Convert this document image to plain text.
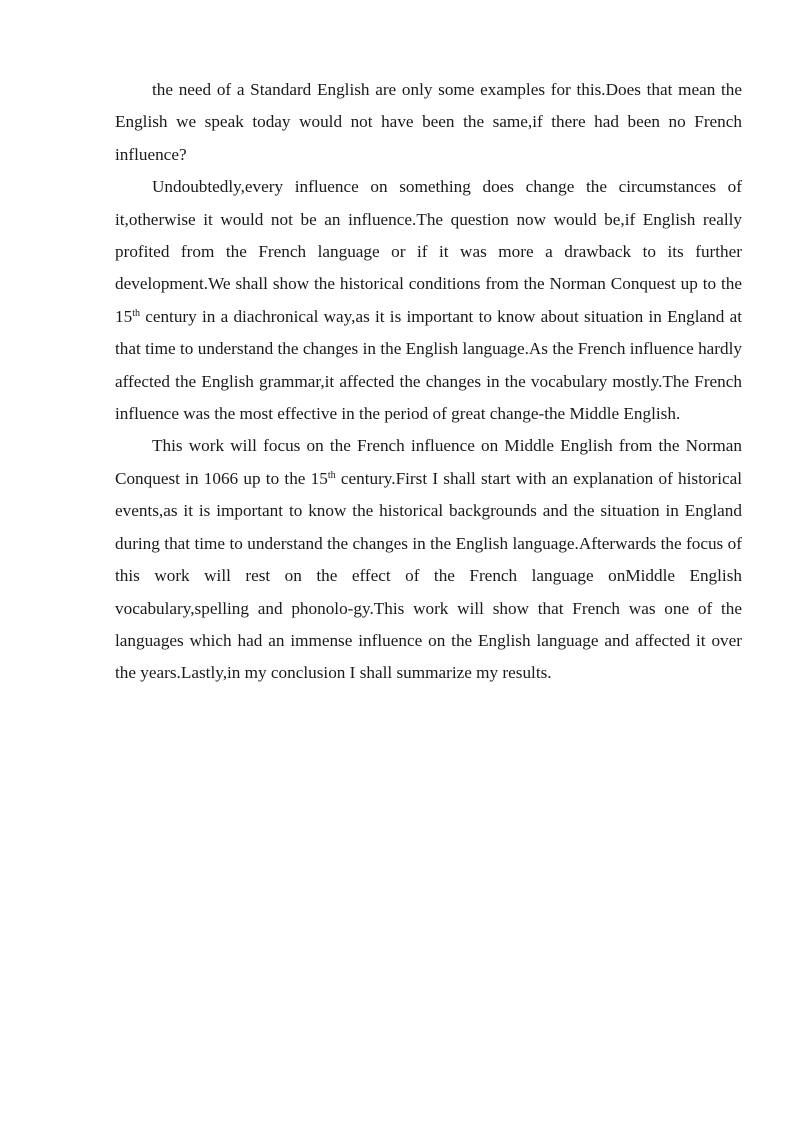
the need of a Standard English are only some examples for this.Does that mean the English we speak today would not have been the same,if there had been no French influence?

Undoubtedly,every influence on something does change the circumstances of it,otherwise it would not be an influence.The question now would be,if English really profited from the French language or if it was more a drawback to its further development.We shall show the historical conditions from the Norman Conquest up to the 15th century in a diachronical way,as it is important to know about situation in England at that time to understand the changes in the English language.As the French influence hardly affected the English grammar,it affected the changes in the vocabulary mostly.The French influence was the most effective in the period of great change-the Middle English.

This work will focus on the French influence on Middle English from the Norman Conquest in 1066 up to the 15th century.First I shall start with an explanation of historical events,as it is important to know the historical backgrounds and the situation in England during that time to understand the changes in the English language.Afterwards the focus of this work will rest on the effect of the French language onMiddle English vocabulary,spelling and phonolo-gy.This work will show that French was one of the languages which had an immense influence on the English language and affected it over the years.Lastly,in my conclusion I shall summarize my results.
